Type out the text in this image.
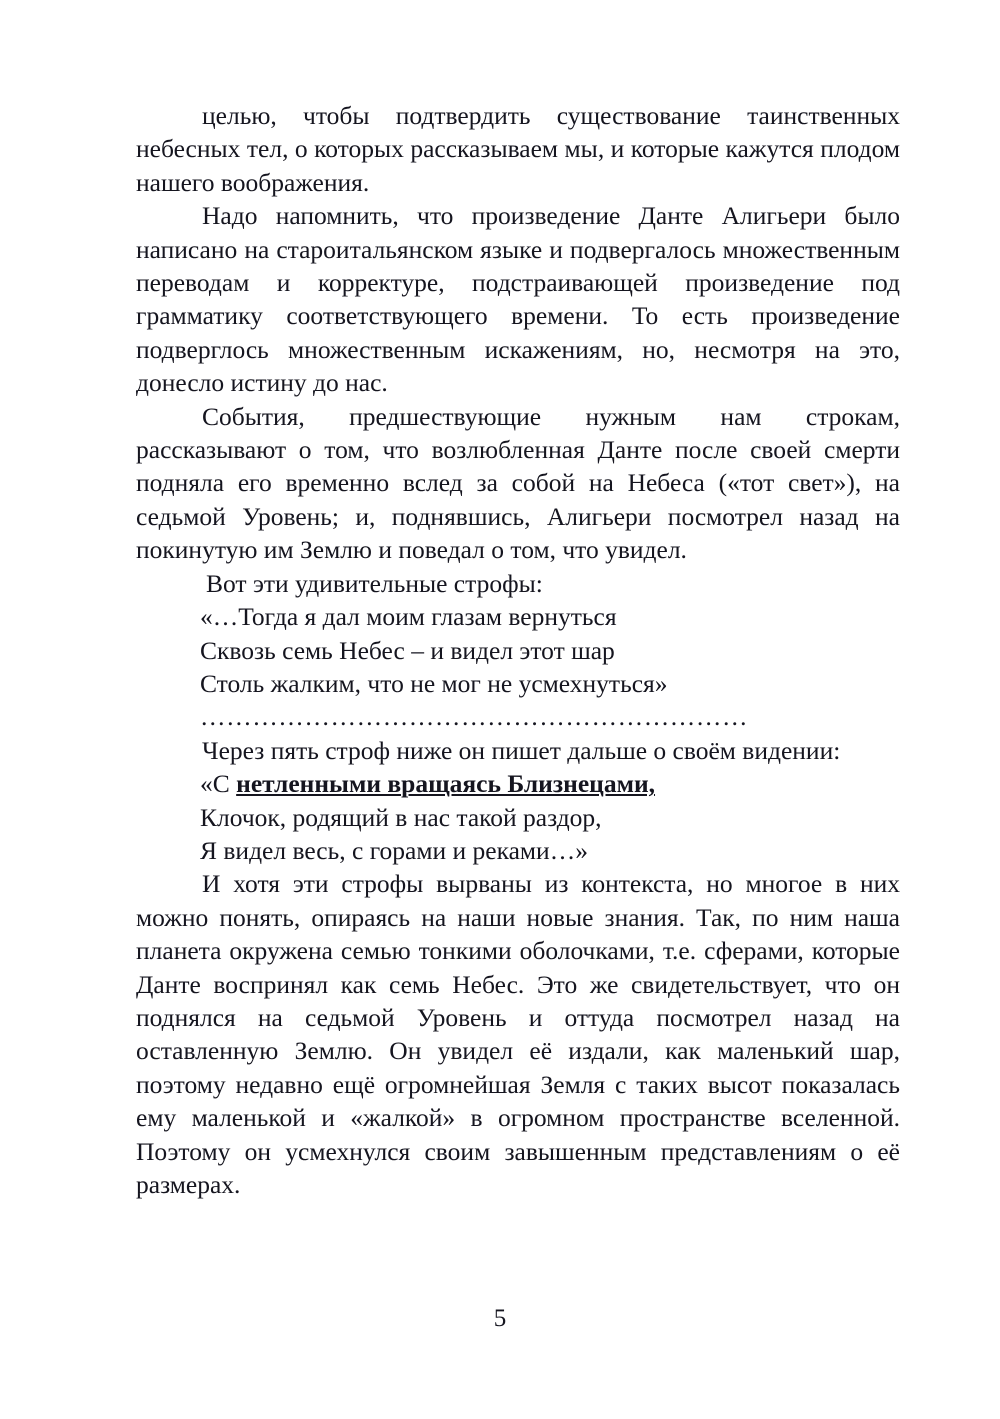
целью, чтобы подтвердить существование таинственных небесных тел, о которых рассказываем мы, и которые кажутся плодом нашего воображения.

Надо напомнить, что произведение Данте Алигьери было написано на староитальянском языке и подвергалось множественным переводам и корректуре, подстраивающей произведение под грамматику соответствующего времени. То есть произведение подверглось множественным искажениям, но, несмотря на это, донесло истину до нас.

События, предшествующие нужным нам строкам, рассказывают о том, что возлюбленная Данте после своей смерти подняла его временно вслед за собой на Небеса («тот свет»), на седьмой Уровень; и, поднявшись, Алигьери посмотрел назад на покинутую им Землю и поведал о том, что увидел.

Вот эти удивительные строфы:

«…Тогда я дал моим глазам вернуться

Сквозь семь Небес – и видел этот шар

Столь жалким, что не мог не усмехнуться»

………………………………………………………

Через пять строф ниже он пишет дальше о своём видении:

«С нетленными вращаясь Близнецами,

Клочок, родящий в нас такой раздор,

Я видел весь, с горами и реками…»

И хотя эти строфы вырваны из контекста, но многое в них можно понять, опираясь на наши новые знания. Так, по ним наша планета окружена семью тонкими оболочками, т.е. сферами, которые Данте воспринял как семь Небес. Это же свидетельствует, что он поднялся на седьмой Уровень и оттуда посмотрел назад на оставленную Землю. Он увидел её издали, как маленький шар, поэтому недавно ещё огромнейшая Земля с таких высот показалась ему маленькой и «жалкой» в огромном пространстве вселенной. Поэтому он усмехнулся своим завышенным представлениям о её размерах.

5
